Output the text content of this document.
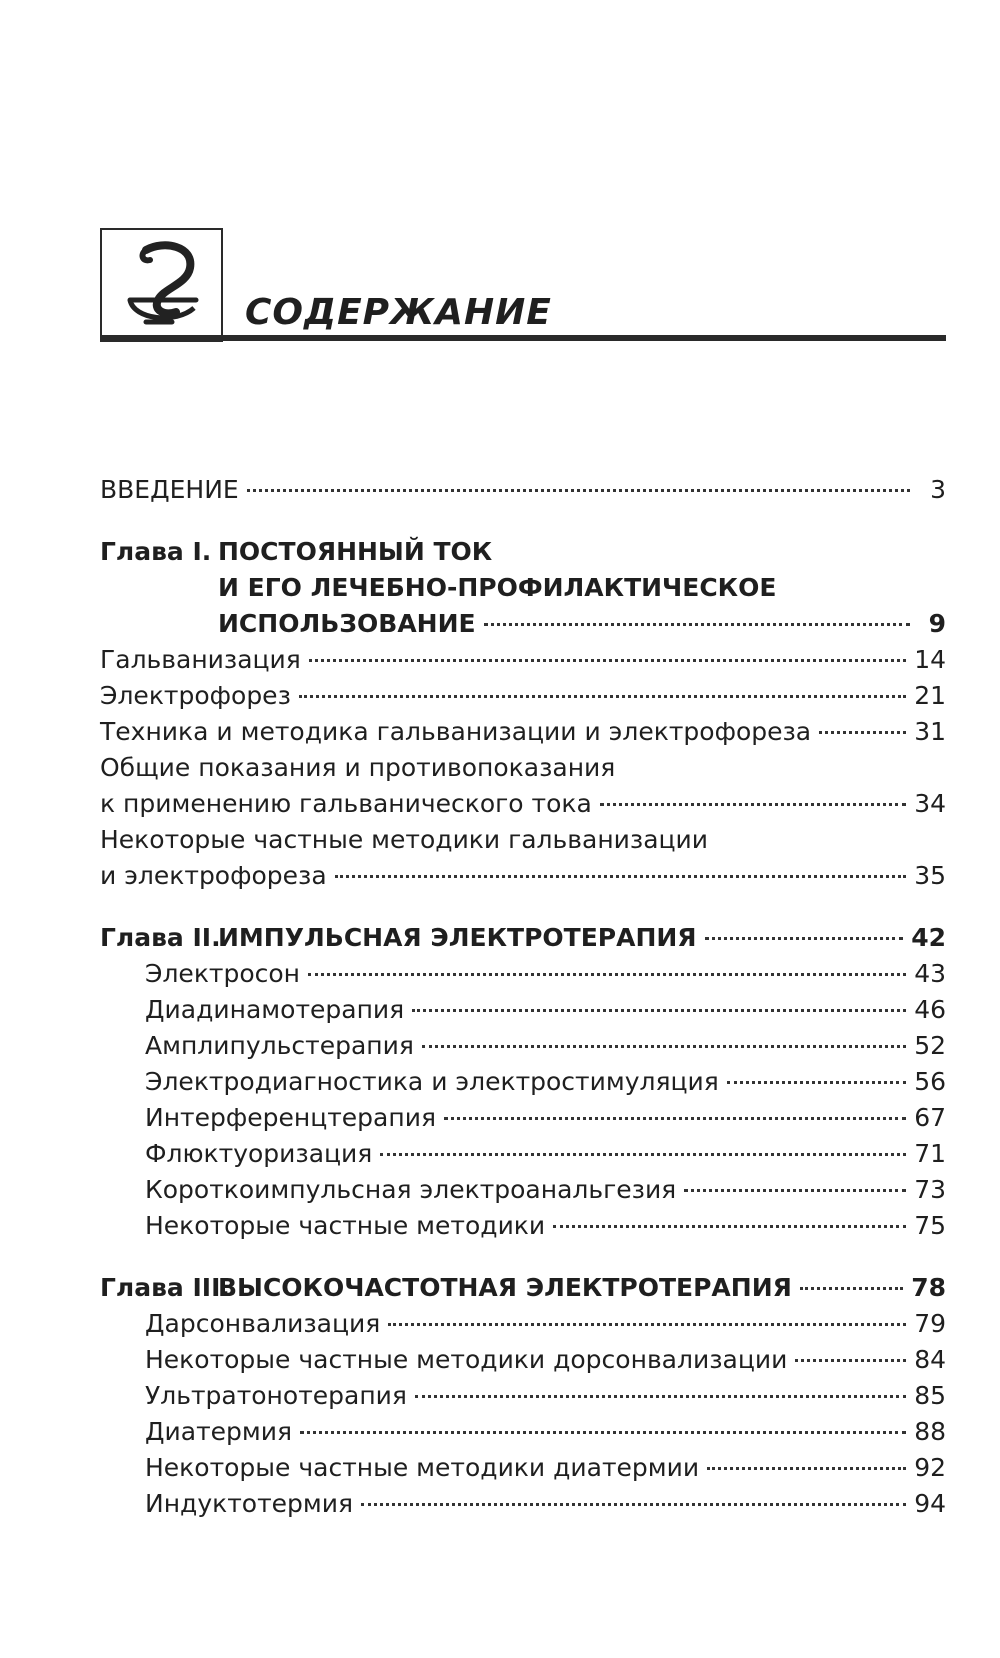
СОДЕРЖАНИЕ
ВВЕДЕНИЕ	3
Глава I. ПОСТОЯННЫЙ ТОК
И ЕГО ЛЕЧЕБНО-ПРОФИЛАКТИЧЕСКОЕ
ИСПОЛЬЗОВАНИЕ	9
Гальванизация	14
Электрофорез	21
Техника и методика гальванизации и электрофореза	31
Общие показания и противопоказания
к применению гальванического тока	34
Некоторые частные методики гальванизации
и электрофореза	35
Глава II.ИМПУЛЬСНАЯ ЭЛЕКТРОТЕРАПИЯ	42
Электросон	43
Диадинамотерапия	46
Амплипульстерапия	52
Электродиагностика и электростимуляция	56
Интерференцтерапия	67
Флюктуоризация	71
Короткоимпульсная электроанальгезия	73
Некоторые частные методики	75
Глава III.ВЫСОКОЧАСТОТНАЯ ЭЛЕКТРОТЕРАПИЯ	78
Дарсонвализация	79
Некоторые частные методики дорсонвализации	84
Ультратонотерапия	85
Диатермия	88
Некоторые частные методики диатермии	92
Индуктотермия	94
